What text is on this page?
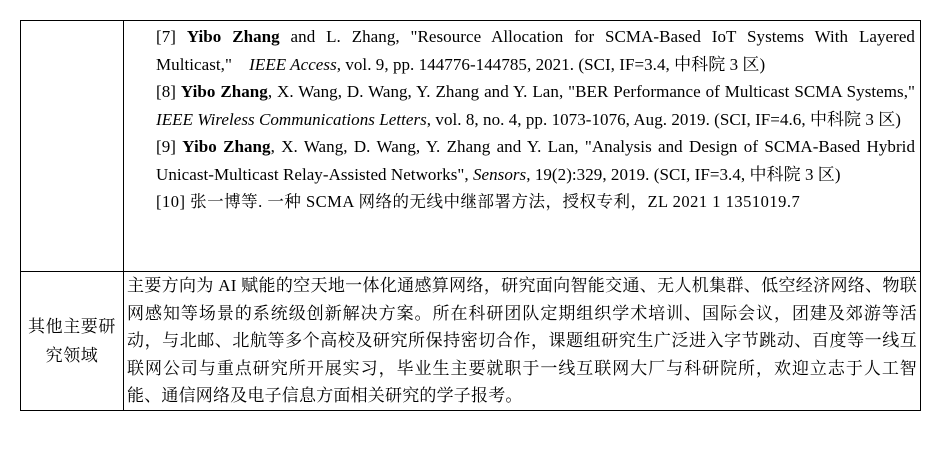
	[7] Yibo Zhang and L. Zhang, "Resource Allocation for SCMA-Based IoT Systems With Layered Multicast," IEEE Access, vol. 9, pp. 144776-144785, 2021. (SCI, IF=3.4, 中科院 3 区)
[8] Yibo Zhang, X. Wang, D. Wang, Y. Zhang and Y. Lan, "BER Performance of Multicast SCMA Systems," IEEE Wireless Communications Letters, vol. 8, no. 4, pp. 1073-1076, Aug. 2019. (SCI, IF=4.6, 中科院 3 区)
[9] Yibo Zhang, X. Wang, D. Wang, Y. Zhang and Y. Lan, "Analysis and Design of SCMA-Based Hybrid Unicast-Multicast Relay-Assisted Networks", Sensors, 19(2):329, 2019. (SCI, IF=3.4, 中科院 3 区)
[10] 张一博等. 一种 SCMA 网络的无线中继部署方法，授权专利，ZL 2021 1 1351019.7

其他主要研究领域	主要方向为 AI 赋能的空天地一体化通感算网络，研究面向智能交通、无人机集群、低空经济网络、物联网感知等场景的系统级创新解决方案。所在科研团队定期组织学术培训、国际会议，团建及郊游等活动，与北邮、北航等多个高校及研究所保持密切合作，课题组研究生广泛进入字节跳动、百度等一线互联网公司与重点研究所开展实习，毕业生主要就职于一线互联网大厂与科研院所，欢迎立志于人工智能、通信网络及电子信息方面相关研究的学子报考。
